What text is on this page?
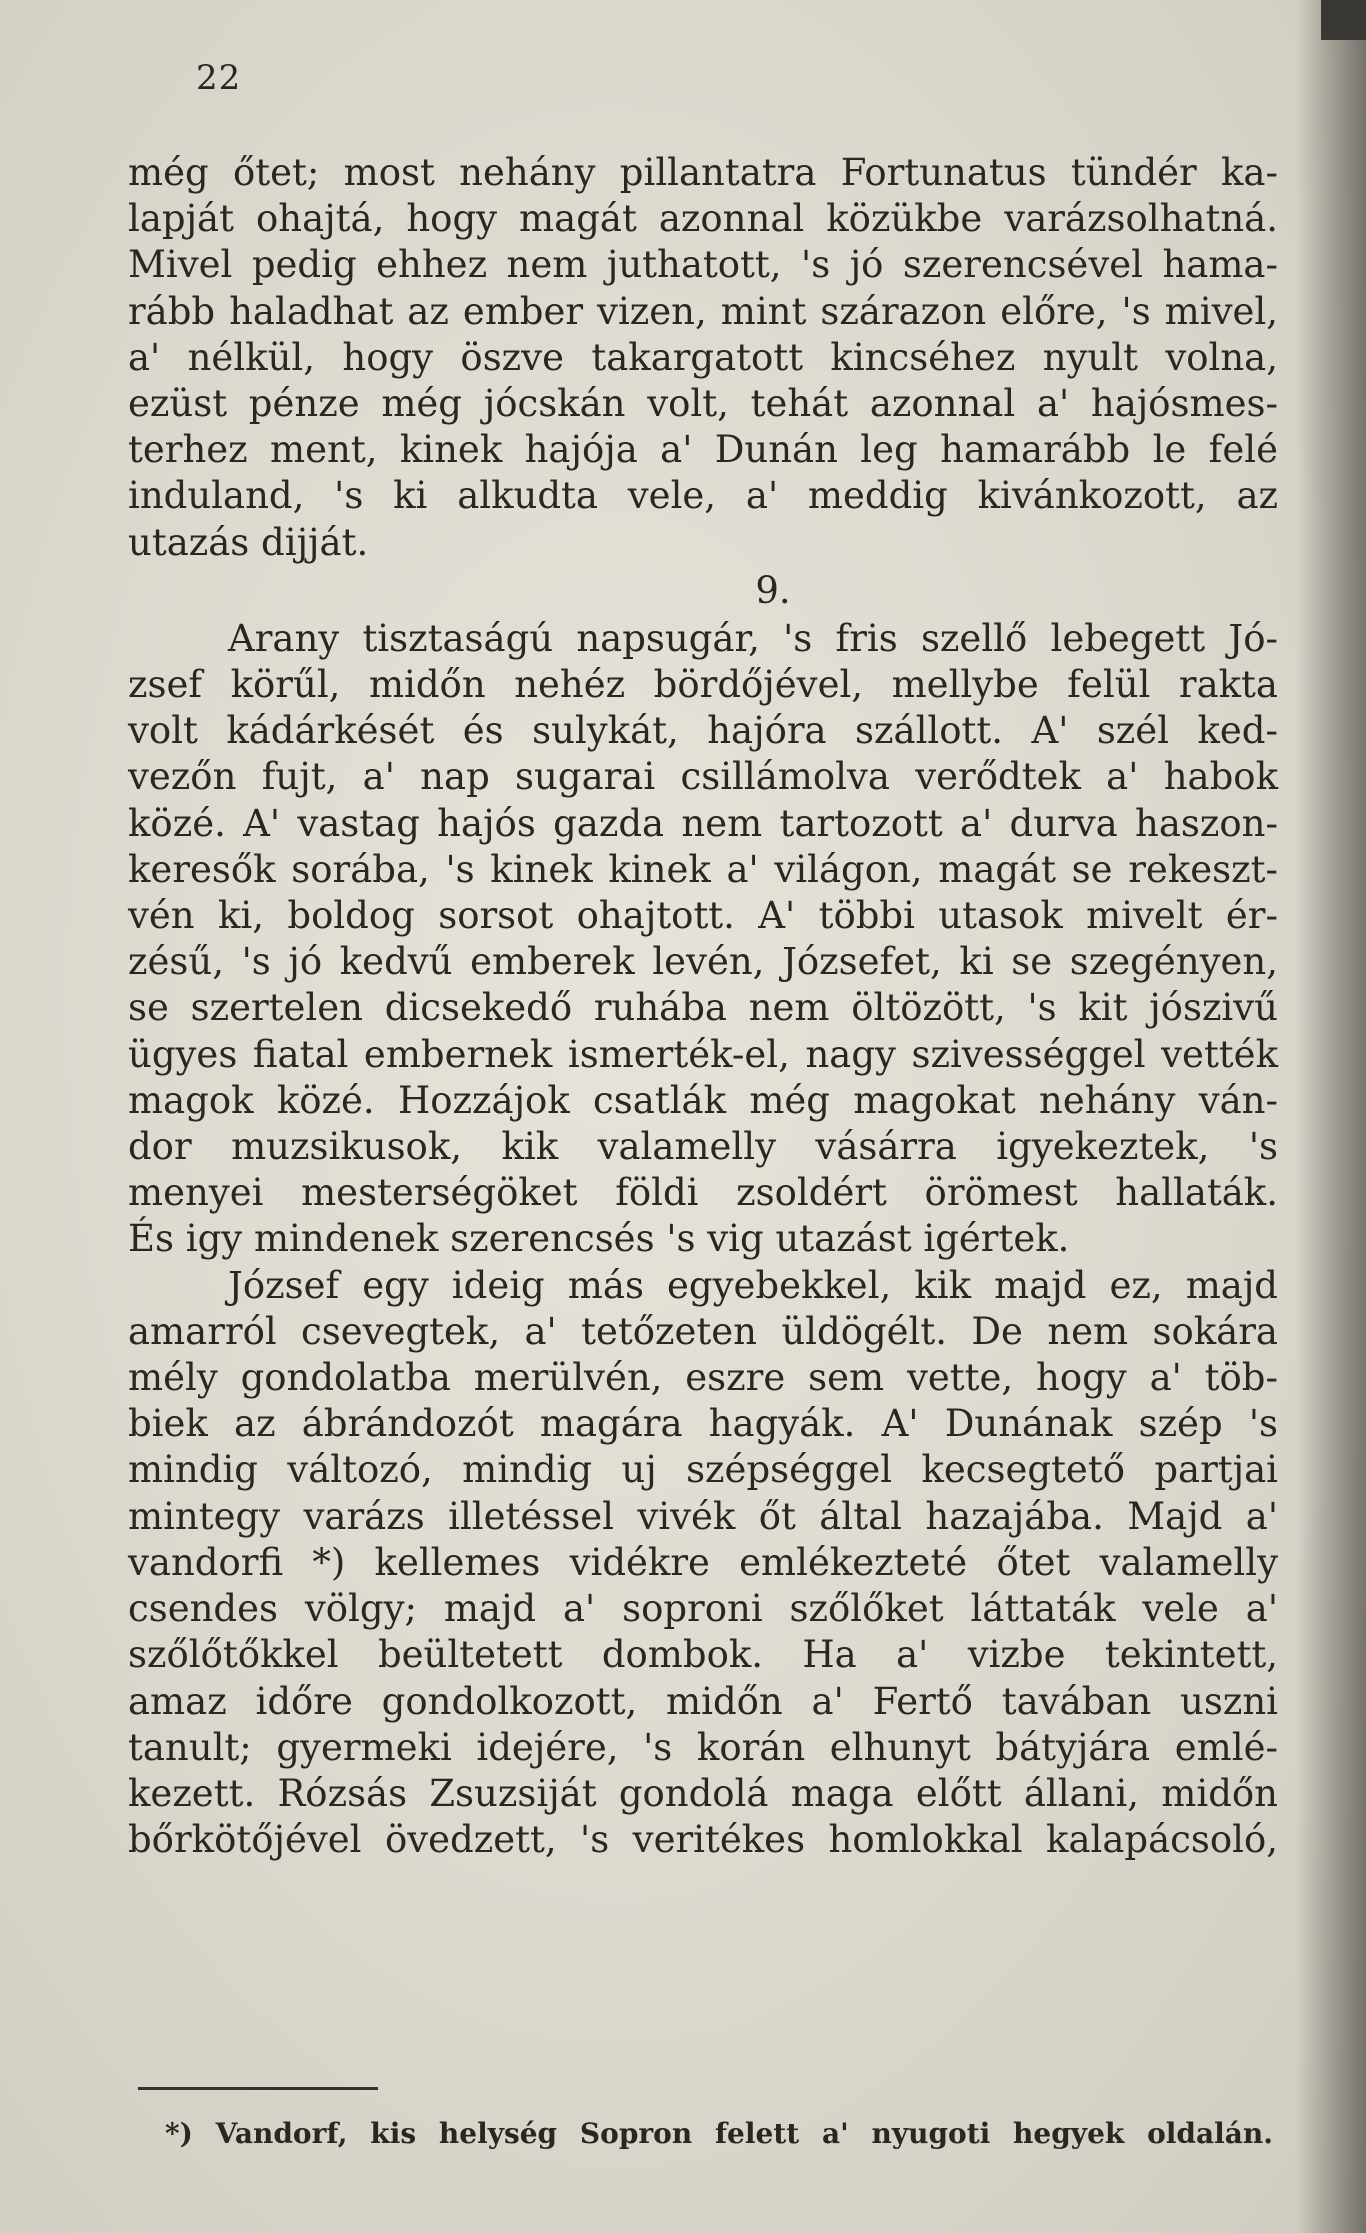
22
még őtet; most nehány pillantatra Fortunatus tündér ka-
lapját ohajtá, hogy magát azonnal közükbe varázsolhatná.
Mivel pedig ehhez nem juthatott, 's jó szerencsével hama-
rább haladhat az ember vizen, mint szárazon előre, 's mivel,
a' nélkül, hogy öszve takargatott kincséhez nyult volna,
ezüst pénze még jócskán volt, tehát azonnal a' hajósmes-
terhez ment, kinek hajója a' Dunán leg hamarább le felé
induland, 's ki alkudta vele, a' meddig kivánkozott, az
utazás dijját.
9.
Arany tisztaságú napsugár, 's fris szellő lebegett Jó-
zsef körűl, midőn nehéz bördőjével, mellybe felül rakta
volt kádárkését és sulykát, hajóra szállott. A' szél ked-
vezőn fujt, a' nap sugarai csillámolva verődtek a' habok
közé. A' vastag hajós gazda nem tartozott a' durva haszon-
keresők sorába, 's kinek kinek a' világon, magát se rekeszt-
vén ki, boldog sorsot ohajtott. A' többi utasok mivelt ér-
zésű, 's jó kedvű emberek levén, Józsefet, ki se szegényen,
se szertelen dicsekedő ruhába nem öltözött, 's kit jószivű
ügyes fiatal embernek ismerték-el, nagy szivességgel vették
magok közé. Hozzájok csatlák még magokat nehány ván-
dor muzsikusok, kik valamelly vásárra igyekeztek, 's
menyei mesterségöket földi zsoldért örömest hallaták.
És igy mindenek szerencsés 's vig utazást igértek.
József egy ideig más egyebekkel, kik majd ez, majd
amarról csevegtek, a' tetőzeten üldögélt. De nem sokára
mély gondolatba merülvén, eszre sem vette, hogy a' töb-
biek az ábrándozót magára hagyák. A' Dunának szép 's
mindig változó, mindig uj szépséggel kecsegtető partjai
mintegy varázs illetéssel vivék őt által hazajába. Majd a'
vandorfi *) kellemes vidékre emlékezteté őtet valamelly
csendes völgy; majd a' soproni szőlőket láttaták vele a'
szőlőtőkkel beültetett dombok. Ha a' vizbe tekintett,
amaz időre gondolkozott, midőn a' Fertő tavában uszni
tanult; gyermeki idejére, 's korán elhunyt bátyjára emlé-
kezett. Rózsás Zsuzsiját gondolá maga előtt állani, midőn
bőrkötőjével övedzett, 's veritékes homlokkal kalapácsoló,
*) Vandorf, kis helység Sopron felett a' nyugoti hegyek oldalán.
